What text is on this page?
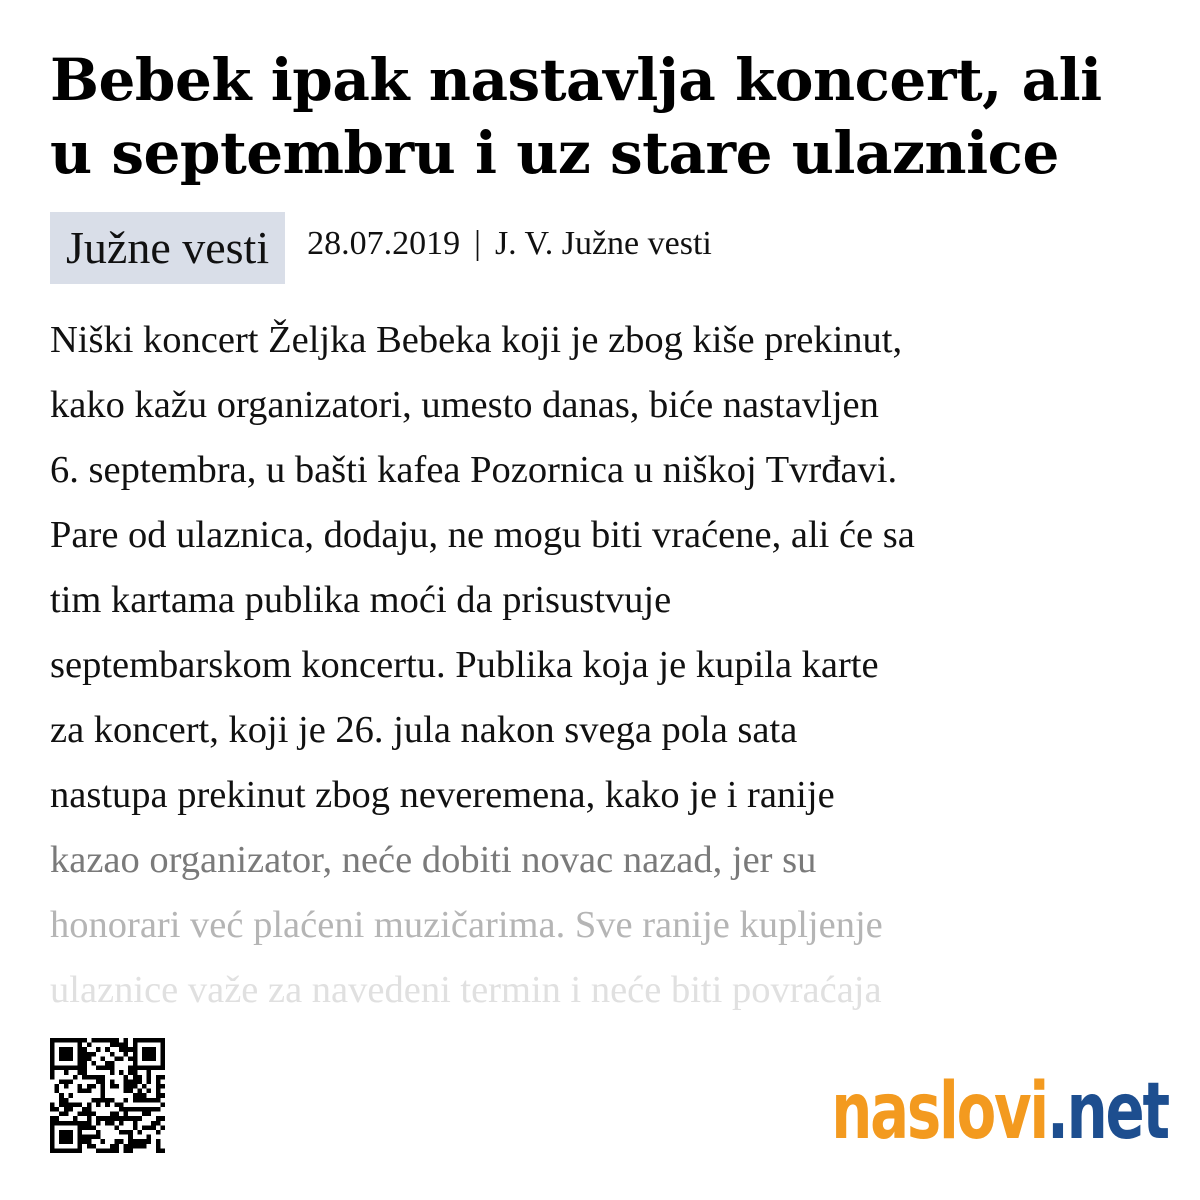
Bebek ipak nastavlja koncert, ali u septembru i uz stare ulaznice
Južne vesti	28.07.2019 | J. V. Južne vesti
Niški koncert Željka Bebeka koji je zbog kiše prekinut,
kako kažu organizatori, umesto danas, biće nastavljen
6. septembra, u bašti kafea Pozornica u niškoj Tvrđavi.
Pare od ulaznica, dodaju, ne mogu biti vraćene, ali će sa
tim kartama publika moći da prisustvuje
septembarskom koncertu. Publika koja je kupila karte
za koncert, koji je 26. jula nakon svega pola sata
nastupa prekinut zbog neveremena, kako je i ranije
kazao organizator, neće dobiti novac nazad, jer su
honorari već plaćeni muzičarima. Sve ranije kupljenje
ulaznice važe za navedeni termin i neće biti povraćaja
naslovi.net
